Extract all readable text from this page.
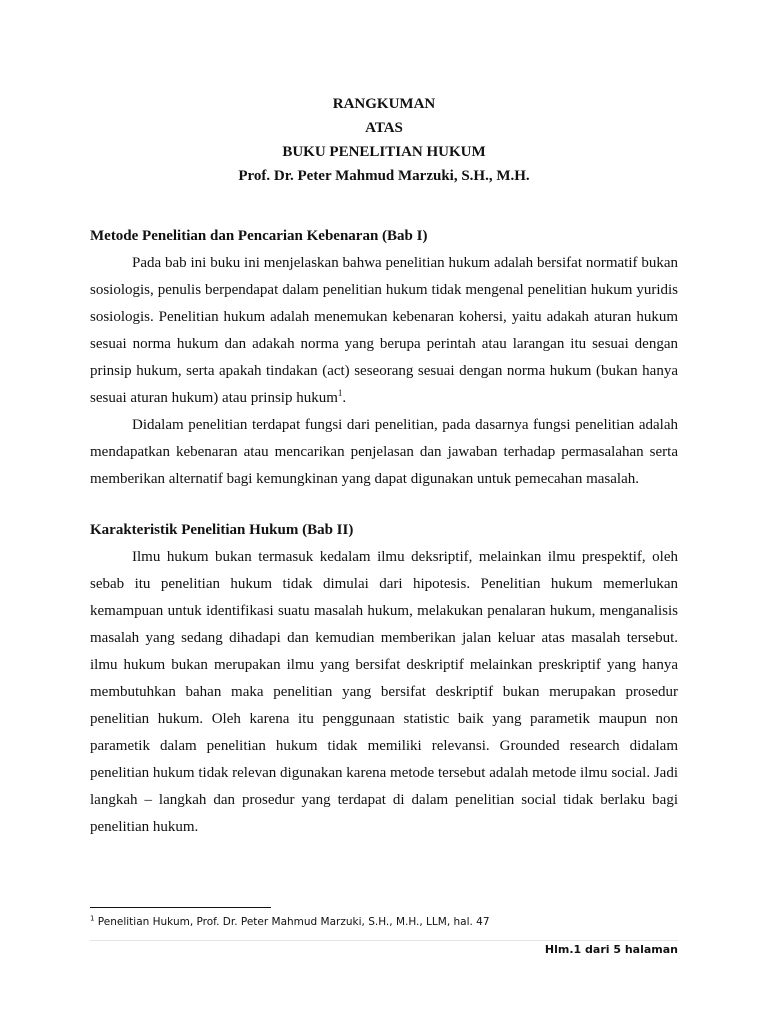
RANGKUMAN
ATAS
BUKU PENELITIAN HUKUM
Prof. Dr. Peter Mahmud Marzuki, S.H., M.H.

Metode Penelitian dan Pencarian Kebenaran (Bab I)

Pada bab ini buku ini menjelaskan bahwa penelitian hukum adalah bersifat normatif bukan sosiologis, penulis berpendapat dalam penelitian hukum tidak mengenal penelitian hukum yuridis sosiologis. Penelitian hukum adalah menemukan kebenaran kohersi, yaitu adakah aturan hukum sesuai norma hukum dan adakah norma yang berupa perintah atau larangan itu sesuai dengan prinsip hukum, serta apakah tindakan (act) seseorang sesuai dengan norma hukum (bukan hanya sesuai aturan hukum) atau prinsip hukum$^1$.

Didalam penelitian terdapat fungsi dari penelitian, pada dasarnya fungsi penelitian adalah mendapatkan kebenaran atau mencarikan penjelasan dan jawaban terhadap permasalahan serta memberikan alternatif bagi kemungkinan yang dapat digunakan untuk pemecahan masalah.

Karakteristik Penelitian Hukum (Bab II)

Ilmu hukum bukan termasuk kedalam ilmu deksriptif, melainkan ilmu prespektif, oleh sebab itu penelitian hukum tidak dimulai dari hipotesis. Penelitian hukum memerlukan kemampuan untuk identifikasi suatu masalah hukum, melakukan penalaran hukum, menganalisis masalah yang sedang dihadapi dan kemudian memberikan jalan keluar atas masalah tersebut. ilmu hukum bukan merupakan ilmu yang bersifat deskriptif melainkan preskriptif yang hanya membutuhkan bahan maka penelitian yang bersifat deskriptif bukan merupakan prosedur penelitian hukum. Oleh karena itu penggunaan statistic baik yang parametik maupun non parametik dalam penelitian hukum tidak memiliki relevansi. Grounded research didalam penelitian hukum tidak relevan digunakan karena metode tersebut adalah metode ilmu social. Jadi langkah – langkah dan prosedur yang terdapat di dalam penelitian social tidak berlaku bagi penelitian hukum.

$^1$ Penelitian Hukum, Prof. Dr. Peter Mahmud Marzuki, S.H., M.H., LLM, hal. 47
Hlm.1 dari 5 halaman
